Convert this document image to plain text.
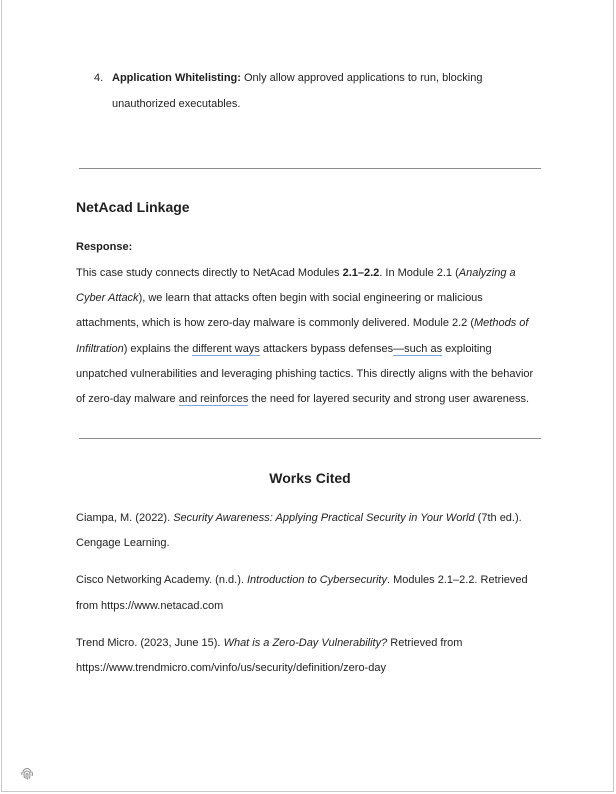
4. Application Whitelisting: Only allow approved applications to run, blocking
unauthorized executables.
NetAcad Linkage
Response:
This case study connects directly to NetAcad Modules 2.1–2.2. In Module 2.1 (Analyzing a
Cyber Attack), we learn that attacks often begin with social engineering or malicious
attachments, which is how zero-day malware is commonly delivered. Module 2.2 (Methods of
Infiltration) explains the different ways attackers bypass defenses—such as exploiting
unpatched vulnerabilities and leveraging phishing tactics. This directly aligns with the behavior
of zero-day malware and reinforces the need for layered security and strong user awareness.
Works Cited
Ciampa, M. (2022). Security Awareness: Applying Practical Security in Your World (7th ed.).
Cengage Learning.
Cisco Networking Academy. (n.d.). Introduction to Cybersecurity. Modules 2.1–2.2. Retrieved
from https://www.netacad.com
Trend Micro. (2023, June 15). What is a Zero-Day Vulnerability? Retrieved from
https://www.trendmicro.com/vinfo/us/security/definition/zero-day
